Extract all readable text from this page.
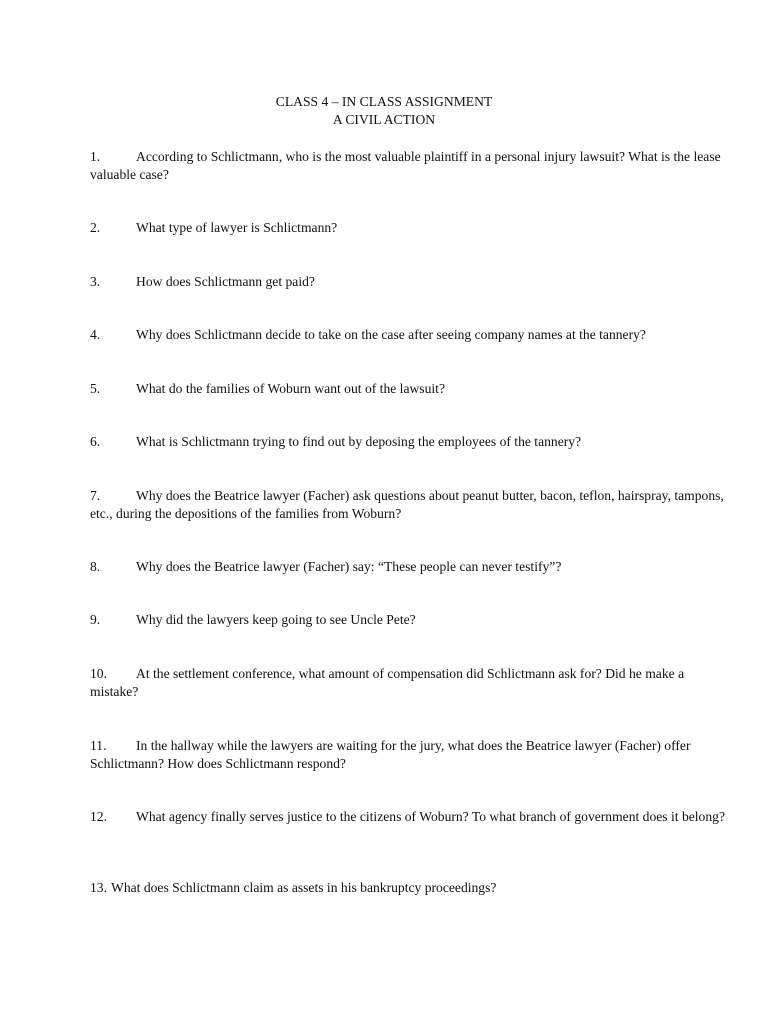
CLASS 4 – IN CLASS ASSIGNMENT
A CIVIL ACTION
1.	According to Schlictmann, who is the most valuable plaintiff in a personal injury lawsuit? What is the lease valuable case?
2.	What type of lawyer is Schlictmann?
3.	How does Schlictmann get paid?
4.	Why does Schlictmann decide to take on the case after seeing company names at the tannery?
5.	What do the families of Woburn want out of the lawsuit?
6.	What is Schlictmann trying to find out by deposing the employees of the tannery?
7.	Why does the Beatrice lawyer (Facher) ask questions about peanut butter, bacon, teflon, hairspray, tampons, etc., during the depositions of the families from Woburn?
8.	Why does the Beatrice lawyer (Facher) say: “These people can never testify”?
9.	Why did the lawyers keep going to see Uncle Pete?
10. At the settlement conference, what amount of compensation did Schlictmann ask for? Did he make a mistake?
11. In the hallway while the lawyers are waiting for the jury, what does the Beatrice lawyer (Facher) offer Schlictmann? How does Schlictmann respond?
12. What agency finally serves justice to the citizens of Woburn? To what branch of government does it belong?
13. What does Schlictmann claim as assets in his bankruptcy proceedings?
